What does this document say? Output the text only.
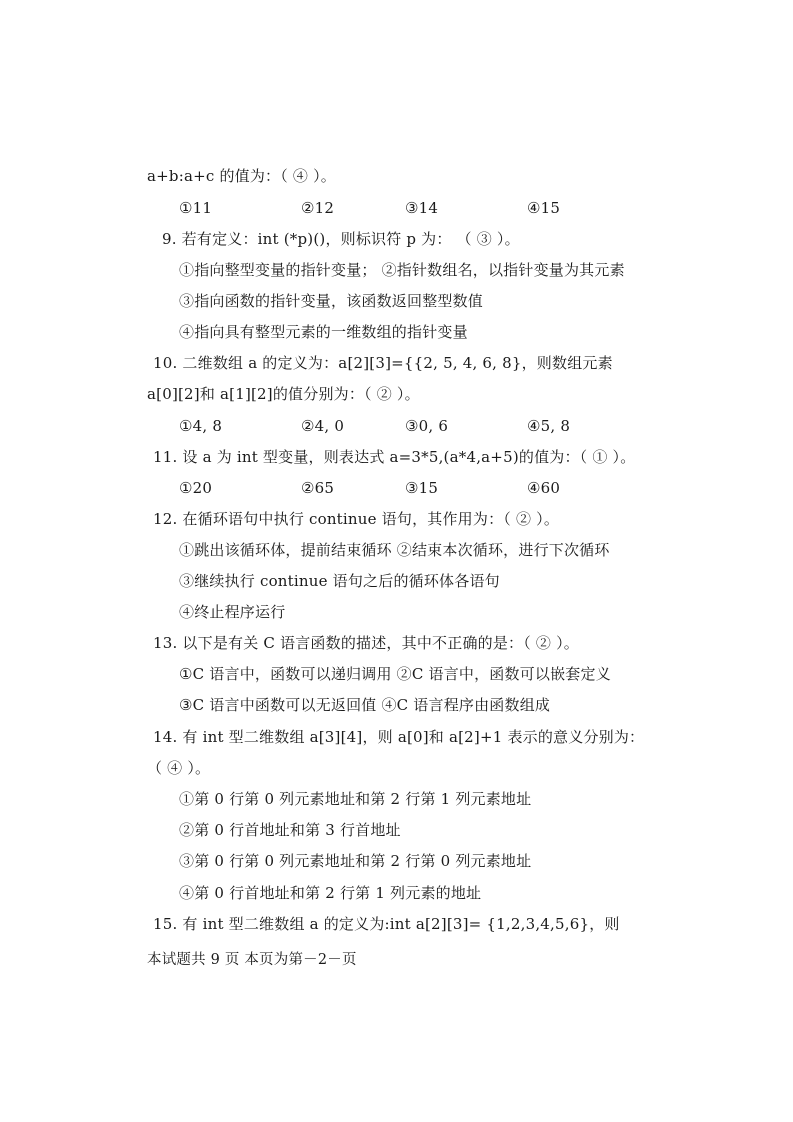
a+b:a+c 的值为：（ ④ ）。
①11	②12	③14	④15
9. 若有定义：int (*p)()，则标识符 p 为： （ ③ ）。
①指向整型变量的指针变量； ②指针数组名，以指针变量为其元素
③指向函数的指针变量，该函数返回整型数值
④指向具有整型元素的一维数组的指针变量
10. 二维数组 a 的定义为：a[2][3]={{2, 5, 4, 6, 8}，则数组元素
a[0][2]和 a[1][2]的值分别为：（ ② ）。
①4, 8	②4, 0	③0, 6	④5, 8
11. 设 a 为 int 型变量，则表达式 a=3*5,(a*4,a+5)的值为：（ ① ）。
①20	②65	③15	④60
12. 在循环语句中执行 continue 语句，其作用为：（ ② ）。
①跳出该循环体，提前结束循环 ②结束本次循环，进行下次循环
③继续执行 continue 语句之后的循环体各语句
④终止程序运行
13. 以下是有关 C 语言函数的描述，其中不正确的是：（ ② ）。
①C 语言中，函数可以递归调用 ②C 语言中，函数可以嵌套定义
③C 语言中函数可以无返回值 ④C 语言程序由函数组成
14. 有 int 型二维数组 a[3][4]，则 a[0]和 a[2]+1 表示的意义分别为：
（ ④ ）。
①第 0 行第 0 列元素地址和第 2 行第 1 列元素地址
②第 0 行首地址和第 3 行首地址
③第 0 行第 0 列元素地址和第 2 行第 0 列元素地址
④第 0 行首地址和第 2 行第 1 列元素的地址
15. 有 int 型二维数组 a 的定义为:int a[2][3]= {1,2,3,4,5,6}，则
本试题共 9 页 本页为第－2－页
